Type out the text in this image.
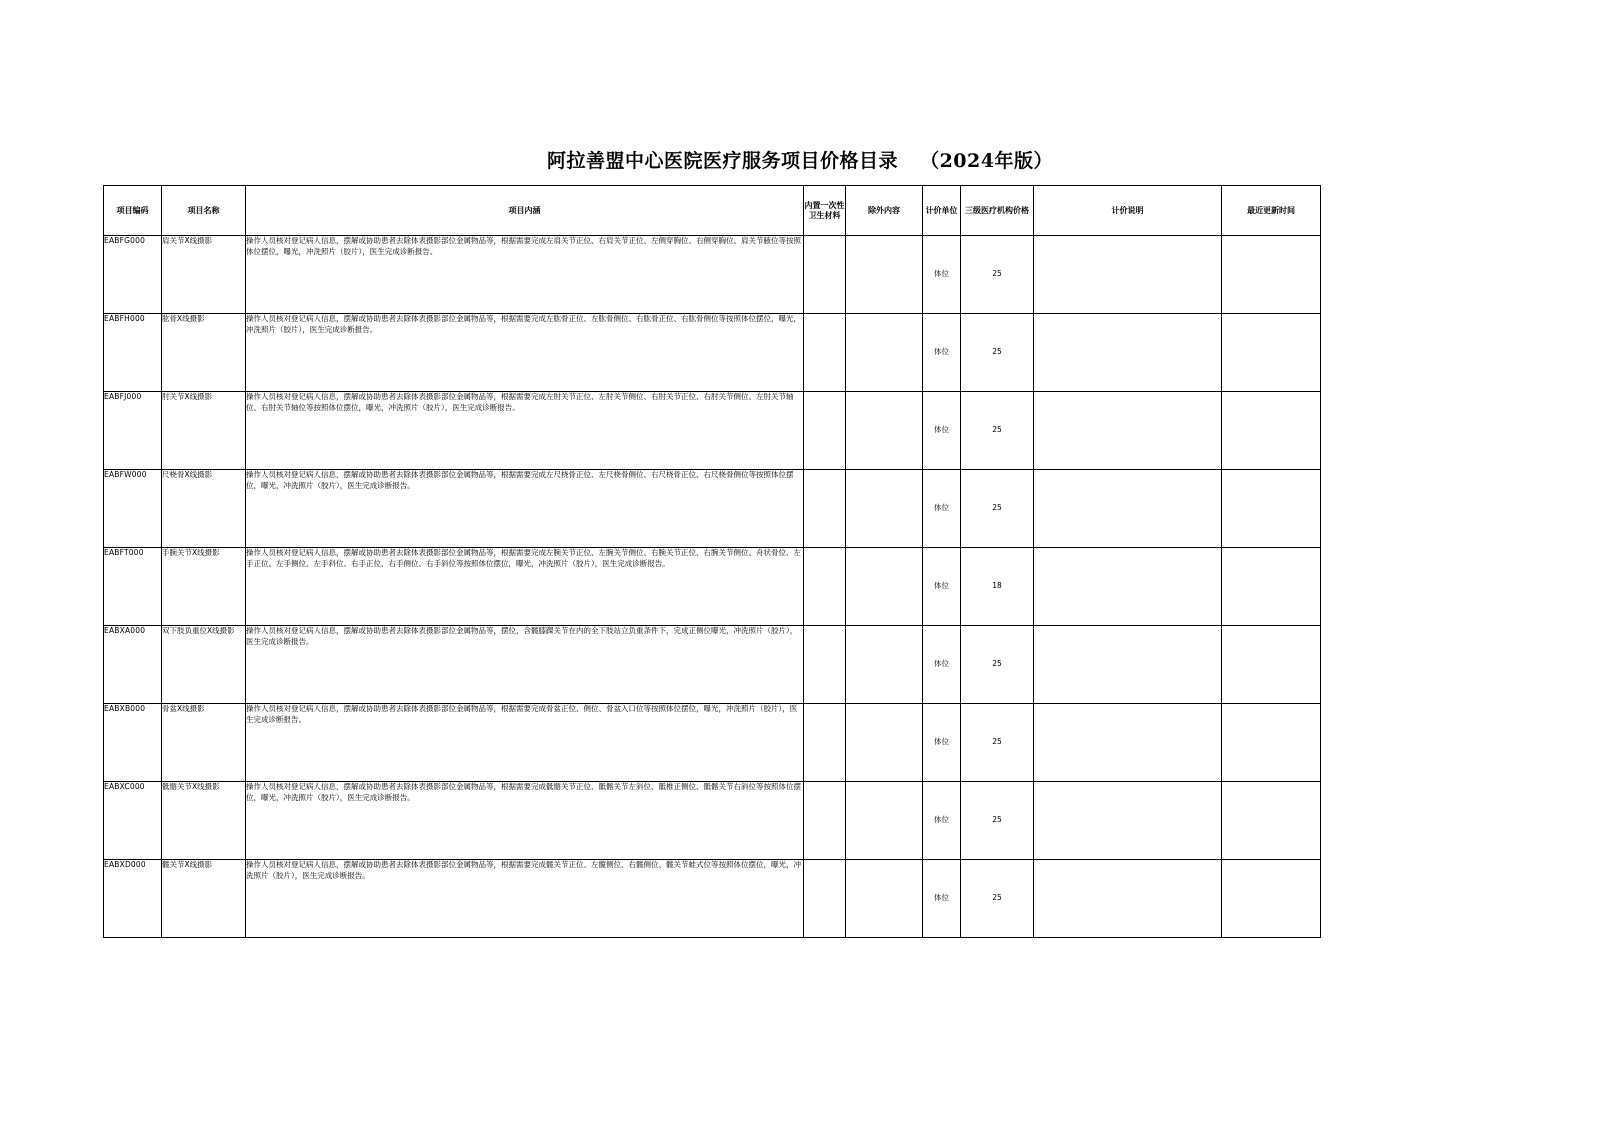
阿拉善盟中心医院医疗服务项目价格目录 （2024年版）
项目编码	项目名称	项目内涵	内置一次性卫生材料	除外内容	计价单位	三级医疗机构价格	计价说明	最近更新时间
EABFG000	肩关节X线摄影	操作人员核对登记病人信息，摆解或协助患者去除体表摄影部位金属物品等，根据需要完成左肩关节正位、右肩关节正位、左侧穿胸位、右侧穿胸位、肩关节腋位等按照体位摆位，曝光，冲洗照片（胶片），医生完成诊断报告。			体位	25		
EABFH000	肱骨X线摄影	操作人员核对登记病人信息，摆解或协助患者去除体表摄影部位金属物品等，根据需要完成左肱骨正位、左肱骨侧位、右肱骨正位、右肱骨侧位等按照体位摆位，曝光，冲洗照片（胶片），医生完成诊断报告。			体位	25		
EABFJ000	肘关节X线摄影	操作人员核对登记病人信息，摆解或协助患者去除体表摄影部位金属物品等，根据需要完成左肘关节正位、左肘关节侧位、右肘关节正位、右肘关节侧位、左肘关节轴位、右肘关节轴位等按照体位摆位，曝光，冲洗照片（胶片），医生完成诊断报告。			体位	25		
EABFW000	尺桡骨X线摄影	操作人员核对登记病人信息，摆解或协助患者去除体表摄影部位金属物品等，根据需要完成左尺桡骨正位、左尺桡骨侧位、右尺桡骨正位、右尺桡骨侧位等按照体位摆位，曝光，冲洗照片（胶片），医生完成诊断报告。			体位	25		
EABFT000	手腕关节X线摄影	操作人员核对登记病人信息，摆解或协助患者去除体表摄影部位金属物品等，根据需要完成左腕关节正位、左腕关节侧位、右腕关节正位、右腕关节侧位、舟状骨位、左手正位、左手侧位、左手斜位、右手正位、右手侧位、右手斜位等按照体位摆位，曝光，冲洗照片（胶片），医生完成诊断报告。			体位	18		
EABXA000	双下肢负重位X线摄影	操作人员核对登记病人信息，摆解或协助患者去除体表摄影部位金属物品等，摆位，含髋膝踝关节在内的全下肢站立负重条件下，完成正侧位曝光，冲洗照片（胶片），医生完成诊断报告。			体位	25		
EABXB000	骨盆X线摄影	操作人员核对登记病人信息，摆解或协助患者去除体表摄影部位金属物品等，根据需要完成骨盆正位、侧位、骨盆入口位等按照体位摆位，曝光，冲洗照片（胶片），医生完成诊断报告。			体位	25		
EABXC000	骶髂关节X线摄影	操作人员核对登记病人信息，摆解或协助患者去除体表摄影部位金属物品等，根据需要完成骶髂关节正位、骶髂关节左斜位、骶椎正侧位、骶髂关节右斜位等按照体位摆位，曝光，冲洗照片（胶片），医生完成诊断报告。			体位	25		
EABXD000	髋关节X线摄影	操作人员核对登记病人信息，摆解或协助患者去除体表摄影部位金属物品等，根据需要完成髋关节正位、左髋侧位、右髋侧位、髋关节蛙式位等按照体位摆位，曝光，冲洗照片（胶片），医生完成诊断报告。			体位	25		
